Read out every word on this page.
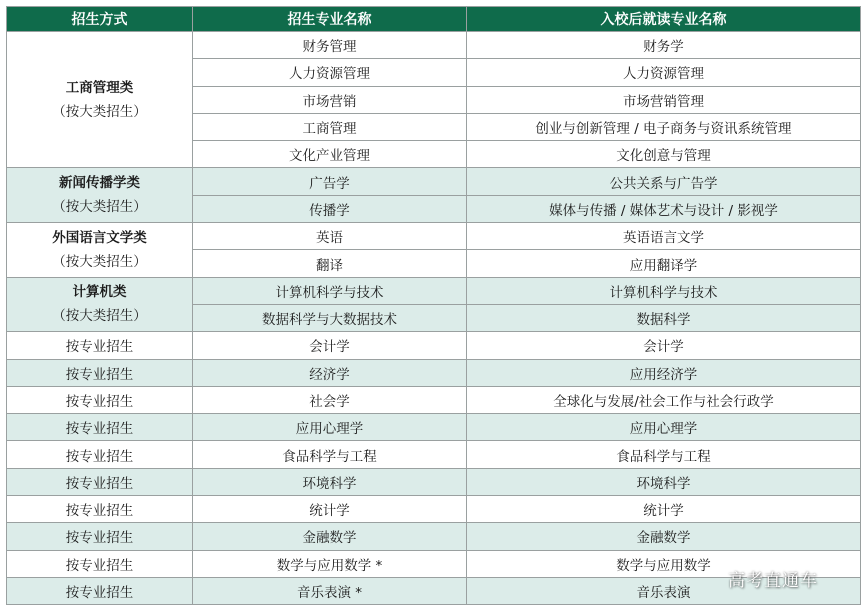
招生方式	招生专业名称	入校后就读专业名称

工商管理类
（按大类招生）	财务管理	财务学
	人力资源管理	人力资源管理
	市场营销	市场营销管理
	工商管理	创业与创新管理 / 电子商务与资讯系统管理
	文化产业管理	文化创意与管理

新闻传播学类
（按大类招生）	广告学	公共关系与广告学
	传播学	媒体与传播 / 媒体艺术与设计 / 影视学

外国语言文学类
（按大类招生）	英语	英语语言文学
	翻译	应用翻译学

计算机类
（按大类招生）	计算机科学与技术	计算机科学与技术
	数据科学与大数据技术	数据科学
按专业招生	会计学	会计学
按专业招生	经济学	应用经济学
按专业招生	社会学	全球化与发展/社会工作与社会行政学
按专业招生	应用心理学	应用心理学
按专业招生	食品科学与工程	食品科学与工程
按专业招生	环境科学	环境科学
按专业招生	统计学	统计学
按专业招生	金融数学	金融数学
按专业招生	数学与应用数学 *	数学与应用数学
按专业招生	音乐表演 *	音乐表演
高考直通车
